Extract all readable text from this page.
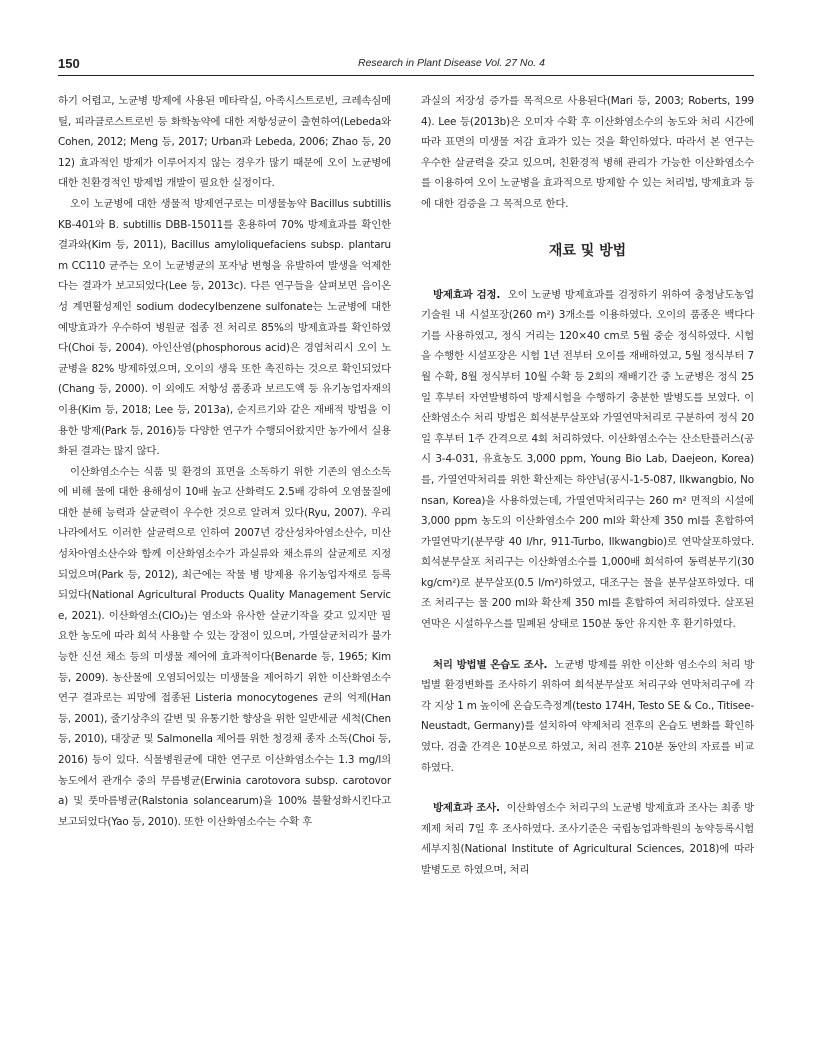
150	Research in Plant Disease Vol. 27 No. 4

하기 어렵고, 노균병 방제에 사용된 메타락실, 아족시스트로빈, 크레속심메틸, 피라클로스트로빈 등 화학농약에 대한 저항성균이 출현하여(Lebeda와 Cohen, 2012; Meng 등, 2017; Urban과 Lebeda, 2006; Zhao 등, 2012) 효과적인 방제가 이루어지지 않는 경우가 많기 때문에 오이 노균병에 대한 친환경적인 방제법 개발이 필요한 실정이다.

오이 노균병에 대한 생물적 방제연구로는 미생물농약 Bacillus subtillis KB-401와 B. subtillis DBB-15011를 혼용하여 70% 방제효과를 확인한 결과와(Kim 등, 2011), Bacillus amyloliquefaciens subsp. plantarum CC110 균주는 오이 노균병균의 포자낭 변형을 유발하여 발생을 억제한다는 결과가 보고되었다(Lee 등, 2013c). 다른 연구들을 살펴보면 음이온성 계면활성제인 sodium dodecylbenzene sulfonate는 노균병에 대한 예방효과가 우수하여 병원균 접종 전 처리로 85%의 방제효과를 확인하였다(Choi 등, 2004). 아인산염(phosphorous acid)은 경엽처리시 오이 노균병을 82% 방제하였으며, 오이의 생육 또한 촉진하는 것으로 확인되었다(Chang 등, 2000). 이 외에도 저항성 품종과 보르도액 등 유기농업자재의 이용(Kim 등, 2018; Lee 등, 2013a), 순지르기와 같은 재배적 방법을 이용한 방제(Park 등, 2016)등 다양한 연구가 수행되어왔지만 농가에서 실용화된 결과는 많지 않다.

이산화염소수는 식품 및 환경의 표면을 소독하기 위한 기존의 염소소독에 비해 물에 대한 용해성이 10배 높고 산화력도 2.5배 강하여 오염물질에 대한 분해 능력과 살균력이 우수한 것으로 알려져 있다(Ryu, 2007). 우리나라에서도 이러한 살균력으로 인하여 2007년 강산성차아염소산수, 미산성차아염소산수와 함께 이산화염소수가 과실류와 채소류의 살균제로 지정되었으며(Park 등, 2012), 최근에는 작물 병 방제용 유기농업자재로 등록되었다(National Agricultural Products Quality Management Service, 2021). 이산화염소(ClO₂)는 염소와 유사한 살균기작을 갖고 있지만 필요한 농도에 따라 희석 사용할 수 있는 장점이 있으며, 가열살균처리가 불가능한 신선 채소 등의 미생물 제어에 효과적이다(Benarde 등, 1965; Kim 등, 2009). 농산물에 오염되어있는 미생물을 제어하기 위한 이산화염소수 연구 결과로는 피망에 접종된 Listeria monocytogenes 균의 억제(Han 등, 2001), 줄기상추의 갈변 및 유통기한 향상을 위한 일반세균 세척(Chen 등, 2010), 대장균 및 Salmonella 제어를 위한 청경채 종자 소독(Choi 등, 2016) 등이 있다. 식물병원균에 대한 연구로 이산화염소수는 1.3 mg/l의 농도에서 관개수 중의 무름병균(Erwinia carotovora subsp. carotovora) 및 풋마름병균(Ralstonia solancearum)을 100% 불활성화시킨다고 보고되었다(Yao 등, 2010). 또한 이산화염소수는 수확 후

과실의 저장성 증가를 목적으로 사용된다(Mari 등, 2003; Roberts, 1994). Lee 등(2013b)은 오미자 수확 후 이산화염소수의 농도와 처리 시간에 따라 표면의 미생물 저감 효과가 있는 것을 확인하였다. 따라서 본 연구는 우수한 살균력을 갖고 있으며, 친환경적 병해 관리가 가능한 이산화염소수를 이용하여 오이 노균병을 효과적으로 방제할 수 있는 처리법, 방제효과 등에 대한 검증을 그 목적으로 한다.

재료 및 방법

방제효과 검정. 오이 노균병 방제효과를 검정하기 위하여 충청남도농업기술원 내 시설포장(260 m²) 3개소를 이용하였다. 오이의 품종은 백다다기를 사용하였고, 정식 거리는 120×40 cm로 5월 중순 정식하였다. 시험을 수행한 시설포장은 시험 1년 전부터 오이를 재배하였고, 5월 정식부터 7월 수확, 8월 정식부터 10월 수확 등 2회의 재배기간 중 노균병은 정식 25일 후부터 자연발병하여 방제시험을 수행하기 충분한 발병도를 보였다. 이산화염소수 처리 방법은 희석분무살포와 가열연막처리로 구분하여 정식 20일 후부터 1주 간격으로 4회 처리하였다. 이산화염소수는 산소탄플러스(공시 3-4-031, 유효농도 3,000 ppm, Young Bio Lab, Daejeon, Korea)를, 가열연막처리를 위한 확산제는 하얀님(공시-1-5-087, Ilkwangbio, Nonsan, Korea)을 사용하였는데, 가열연막처리구는 260 m² 면적의 시설에 3,000 ppm 농도의 이산화염소수 200 ml와 확산제 350 ml를 혼합하여 가열연막기(분무량 40 l/hr, 911-Turbo, Ilkwangbio)로 연막살포하였다. 희석분무살포 처리구는 이산화염소수를 1,000배 희석하여 동력분무기(30 kg/cm²)로 분무살포(0.5 l/m²)하였고, 대조구는 물을 분무살포하였다. 대조 처리구는 물 200 ml와 확산제 350 ml를 혼합하여 처리하였다. 살포된 연막은 시설하우스를 밀폐된 상태로 150분 동안 유지한 후 환기하였다.

처리 방법별 온습도 조사. 노균병 방제를 위한 이산화 염소수의 처리 방법별 환경변화를 조사하기 위하여 희석분무살포 처리구와 연막처리구에 각각 지상 1 m 높이에 온습도측정계(testo 174H, Testo SE & Co., Titisee-Neustadt, Germany)를 설치하여 약제처리 전후의 온습도 변화를 확인하였다. 검출 간격은 10분으로 하였고, 처리 전후 210분 동안의 자료를 비교하였다.

방제효과 조사. 이산화염소수 처리구의 노균병 방제효과 조사는 최종 방제제 처리 7일 후 조사하였다. 조사기준은 국립농업과학원의 농약등록시험 세부지침(National Institute of Agricultural Sciences, 2018)에 따라 발병도로 하였으며, 처리
